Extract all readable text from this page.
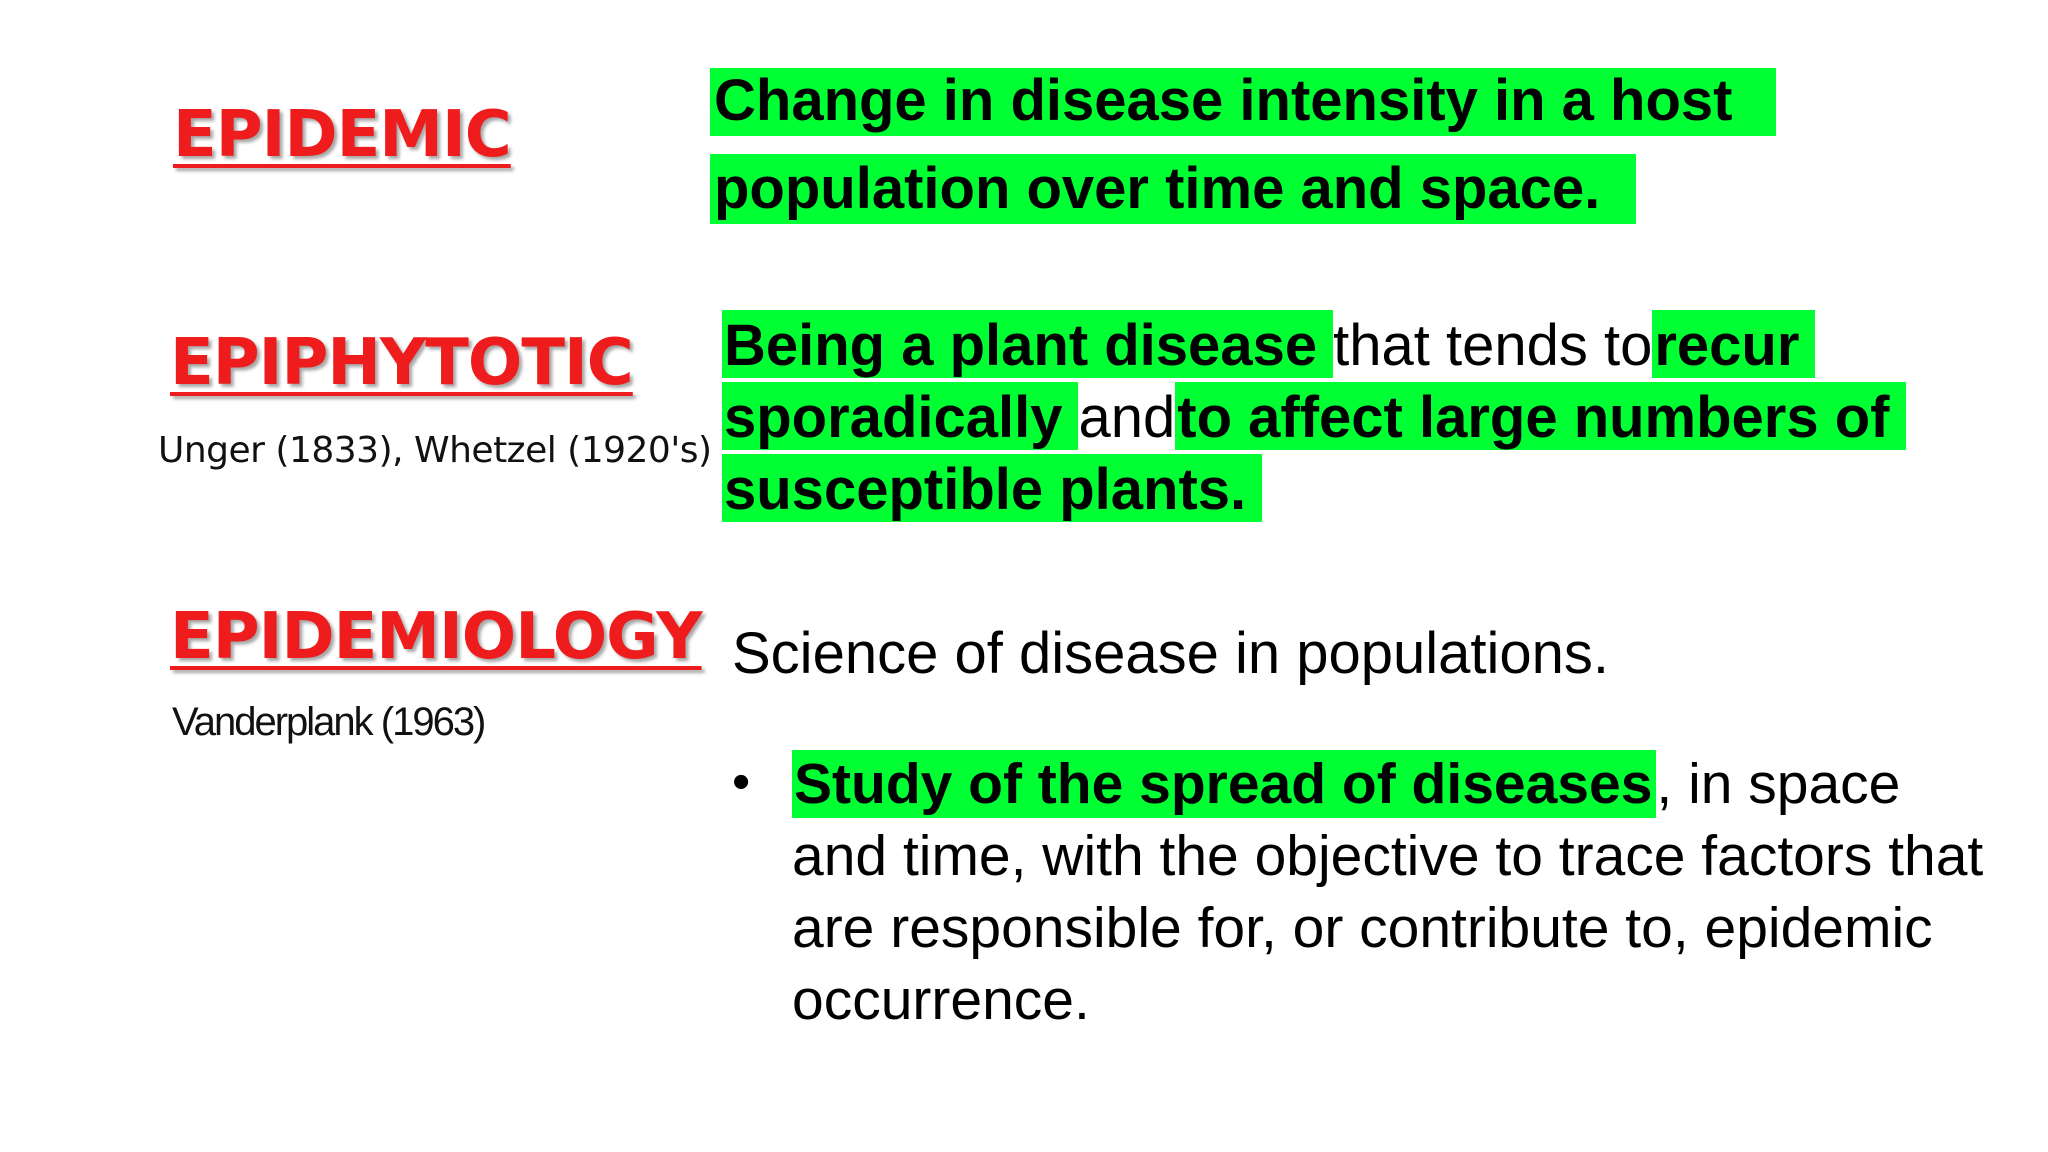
EPIDEMIC	Change in disease intensity in a host
population over time and space.
EPIPHYTOTIC
Unger (1833), Whetzel (1920's)
Being a plant diseasethat tends torecur
sporadicallyandto affect large numbers of
susceptible plants.
EPIDEMIOLOGY
Vanderplank (1963)
Science of disease in populations.
• Study of the spread of diseases, in space and time, with the objective to trace factors that are responsible for, or contribute to, epidemic occurrence.
